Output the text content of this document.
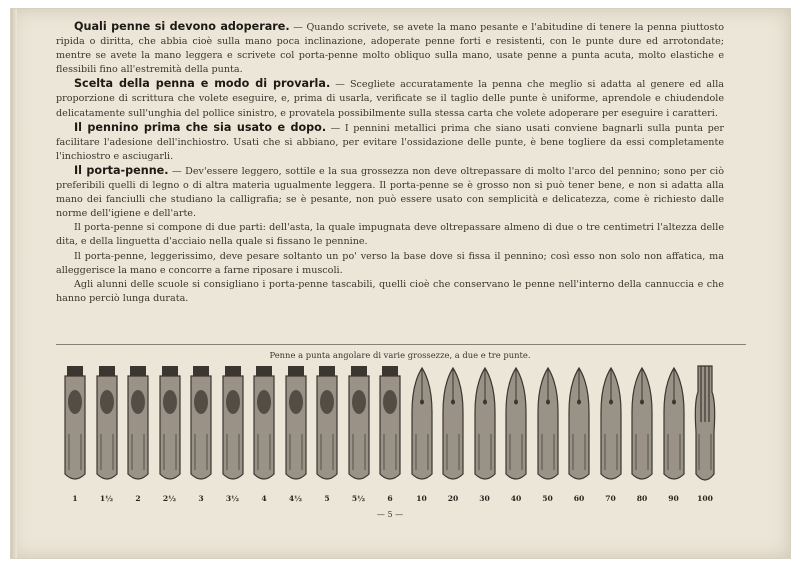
Quali penne si devono adoperare. — Quando scrivete, se avete la mano pesante e l'abitudine di tenere la penna piuttosto ripida o diritta, che abbia cioè sulla mano poca inclinazione, adoperate penne forti e resistenti, con le punte dure ed arrotondate; mentre se avete la mano leggera e scrivete col porta-penne molto obliquo sulla mano, usate penne a punta acuta, molto elastiche e flessibili fino all'estremità della punta.

Scelta della penna e modo di provarla. — Scegliete accuratamente la penna che meglio si adatta al genere ed alla proporzione di scrittura che volete eseguire, e, prima di usarla, verificate se il taglio delle punte è uniforme, aprendole e chiudendole delicatamente sull'unghia del pollice sinistro, e provatela possibilmente sulla stessa carta che volete adoperare per eseguire i caratteri.

Il pennino prima che sia usato e dopo. — I pennini metallici prima che siano usati conviene bagnarli sulla punta per facilitare l'adesione dell'inchiostro. Usati che si abbiano, per evitare l'ossidazione delle punte, è bene togliere da essi completamente l'inchiostro e asciugarli.

Il porta-penne. — Dev'essere leggero, sottile e la sua grossezza non deve oltrepassare di molto l'arco del pennino; sono per ciò preferibili quelli di legno o di altra materia ugualmente leggera. Il porta-penne se è grosso non si può tener bene, e non si adatta alla mano dei fanciulli che studiano la calligrafia; se è pesante, non può essere usato con semplicità e delicatezza, come è richiesto dalle norme dell'igiene e dell'arte.

Il porta-penne si compone di due parti: dell'asta, la quale impugnata deve oltrepassare almeno di due o tre centimetri l'altezza delle dita, e della linguetta d'acciaio nella quale si fissano le pennine.

Il porta-penne, leggerissimo, deve pesare soltanto un po' verso la base dove si fissa il pennino; così esso non solo non affatica, ma alleggerisce la mano e concorre a farne riposare i muscoli.

Agli alunni delle scuole si consigliano i porta-penne tascabili, quelli cioè che conservano le penne nell'interno della cannuccia e che hanno perciò lunga durata.

Penne a punta angolare di varie grossezze, a due e tre punte.
1	1½	2	2½	3	3½	4	4½	5	5½	6	10	20	30	40	50	60	70	80	90	100
— 5 —
